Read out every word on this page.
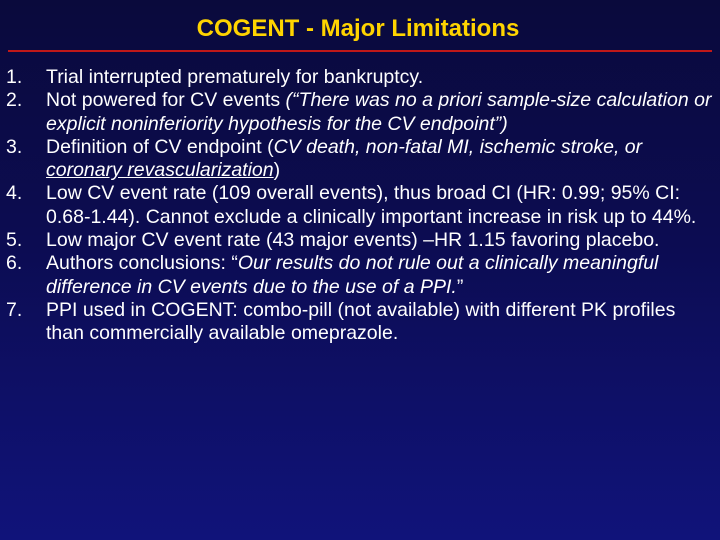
COGENT - Major Limitations
1.	Trial interrupted prematurely for bankruptcy.
2.	Not powered for CV events (“There was no a priori sample-size calculation or explicit noninferiority hypothesis for the CV endpoint”)
3.	Definition of CV endpoint (CV death, non-fatal MI, ischemic stroke, or coronary revascularization)
4.	Low CV event rate (109 overall events), thus broad CI (HR: 0.99; 95% CI: 0.68-1.44). Cannot exclude a clinically important increase in risk up to 44%.
5.	Low major CV event rate (43 major events) –HR 1.15 favoring placebo.
6.	Authors conclusions: “Our results do not rule out a clinically meaningful difference in CV events due to the use of a PPI.”
7.	PPI used in COGENT: combo-pill (not available) with different PK profiles than commercially available omeprazole.
